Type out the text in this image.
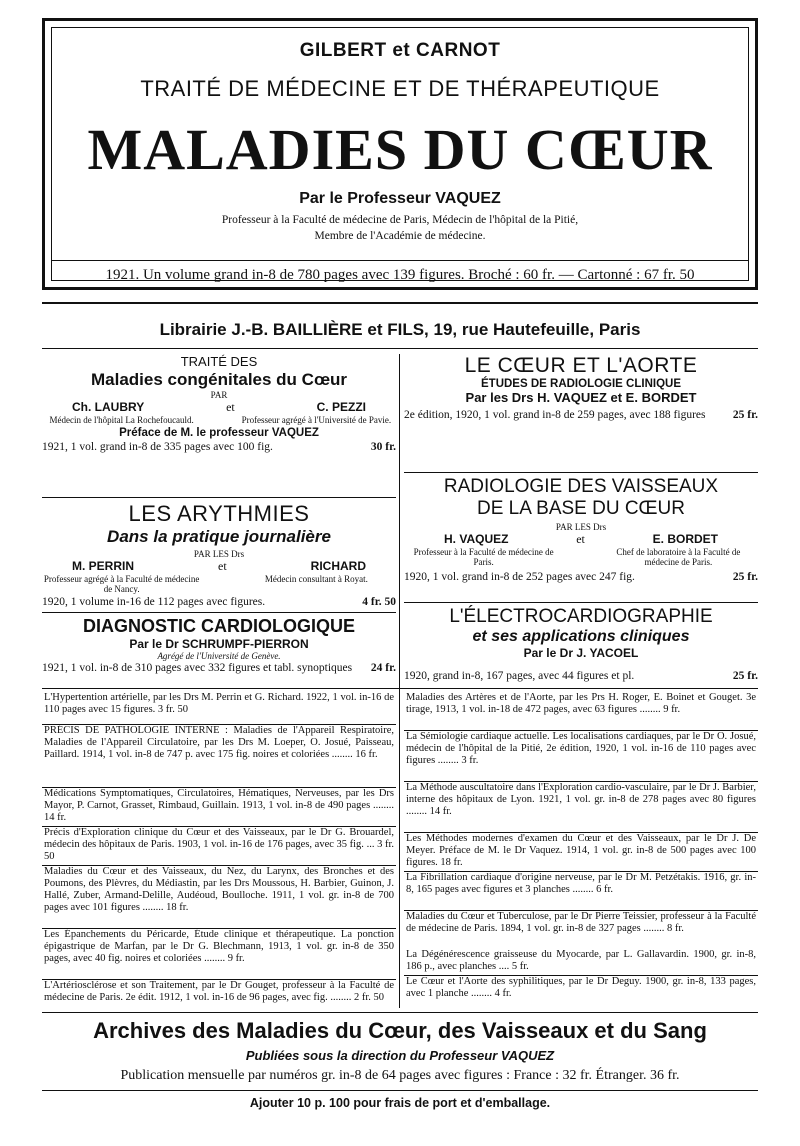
GILBERT et CARNOT
TRAITÉ DE MÉDECINE ET DE THÉRAPEUTIQUE
MALADIES DU CŒUR
Par le Professeur VAQUEZ
Professeur à la Faculté de médecine de Paris, Médecin de l'hôpital de la Pitié,
Membre de l'Académie de médecine.
1921. Un volume grand in-8 de 780 pages avec 139 figures. Broché : 60 fr. — Cartonné : 67 fr. 50
Librairie J.-B. BAILLIÈRE et FILS, 19, rue Hautefeuille, Paris
TRAITÉ DES
Maladies congénitales du Cœur
PAR
Ch. LAUBRY	et	C. PEZZI
Médecin de l'hôpital La Rochefoucauld.	Professeur agrégé à l'Université de Pavie.
Préface de M. le professeur VAQUEZ
1921, 1 vol. grand in-8 de 335 pages avec 100 fig.	30 fr.
LES ARYTHMIES
Dans la pratique journalière
PAR LES Drs
M. PERRIN	et	RICHARD
Professeur agrégé à la Faculté de médecine de Nancy.
Médecin consultant à Royat.
1920, 1 volume in-16 de 112 pages avec figures.	4 fr. 50
DIAGNOSTIC CARDIOLOGIQUE
Par le Dr SCHRUMPF-PIERRON
Agrégé de l'Université de Genève.
1921, 1 vol. in-8 de 310 pages avec 332 figures et tabl. synoptiques 24 fr.
LE CŒUR ET L'AORTE
ÉTUDES DE RADIOLOGIE CLINIQUE
Par les Drs H. VAQUEZ et E. BORDET
2e édition, 1920, 1 vol. grand in-8 de 259 pages, avec 188 figures 25 fr.
RADIOLOGIE DES VAISSEAUX
DE LA BASE DU CŒUR
PAR LES Drs
H. VAQUEZ	et	E. BORDET
Professeur à la Faculté de médecine de Paris.
Chef de laboratoire à la Faculté de médecine de Paris.
1920, 1 vol. grand in-8 de 252 pages avec 247 fig.	25 fr.
L'ÉLECTROCARDIOGRAPHIE
et ses applications cliniques
Par le Dr J. YACOEL
1920, grand in-8, 167 pages, avec 44 figures et pl.	25 fr.
L'Hypertention artérielle, par les Drs M. Perrin et G. Richard. 1922, 1 vol. in-16 de 110 pages avec 15 figures. 3 fr. 50
PRÉCIS DE PATHOLOGIE INTERNE : Maladies de l'Appareil Respiratoire, Maladies de l'Appareil Circulatoire, par les Drs M. Loeper, O. Josué, Paisseau, Paillard. 1914, 1 vol. in-8 de 747 p. avec 175 fig. noires et coloriées ........ 16 fr.
Médications Symptomatiques, Circulatoires, Hématiques, Nerveuses, par les Drs Mayor, P. Carnot, Grasset, Rimbaud, Guillain. 1913, 1 vol. in-8 de 490 pages ........ 14 fr.
Précis d'Exploration clinique du Cœur et des Vaisseaux, par le Dr G. Brouardel, médecin des hôpitaux de Paris. 1903, 1 vol. in-16 de 176 pages, avec 35 fig. ... 3 fr. 50
Maladies du Cœur et des Vaisseaux, du Nez, du Larynx, des Bronches et des Poumons, des Plèvres, du Médiastin, par les Drs Moussous, H. Barbier, Guinon, J. Hallé, Zuber, Armand-Delille, Audéoud, Boulloche. 1911, 1 vol. gr. in-8 de 700 pages avec 101 figures ........ 18 fr.
Les Épanchements du Péricarde, Étude clinique et thérapeutique. La ponction épigastrique de Marfan, par le Dr G. Blechmann, 1913, 1 vol. gr. in-8 de 350 pages, avec 40 fig. noires et coloriées ........ 9 fr.
L'Artériosclérose et son Traitement, par le Dr Gouget, professeur à la Faculté de médecine de Paris. 2e édit. 1912, 1 vol. in-16 de 96 pages, avec fig. ........ 2 fr. 50
Maladies des Artères et de l'Aorte, par les Prs H. Roger, E. Boinet et Gouget. 3e tirage, 1913, 1 vol. in-18 de 472 pages, avec 63 figures ........ 9 fr.
La Sémiologie cardiaque actuelle. Les localisations cardiaques, par le Dr O. Josué, médecin de l'hôpital de la Pitié, 2e édition, 1920, 1 vol. in-16 de 110 pages avec figures ........ 3 fr.
La Méthode auscultatoire dans l'Exploration cardio-vasculaire, par le Dr J. Barbier, interne des hôpitaux de Lyon. 1921, 1 vol. gr. in-8 de 278 pages avec 80 figures ........ 14 fr.
Les Méthodes modernes d'examen du Cœur et des Vaisseaux, par le Dr J. De Meyer. Préface de M. le Dr Vaquez. 1914, 1 vol. gr. in-8 de 500 pages avec 100 figures. 18 fr.
La Fibrillation cardiaque d'origine nerveuse, par le Dr M. Petzétakis. 1916, gr. in-8, 165 pages avec figures et 3 planches ........ 6 fr.
Maladies du Cœur et Tuberculose, par le Dr Pierre Teissier, professeur à la Faculté de médecine de Paris. 1894, 1 vol. gr. in-8 de 327 pages ........ 8 fr.
La Dégénérescence graisseuse du Myocarde, par L. Gallavardin. 1900, gr. in-8, 186 p., avec planches .... 5 fr.
Le Cœur et l'Aorte des syphilitiques, par le Dr Deguy. 1900, gr. in-8, 133 pages, avec 1 planche ........ 4 fr.
Archives des Maladies du Cœur, des Vaisseaux et du Sang
Publiées sous la direction du Professeur VAQUEZ
Publication mensuelle par numéros gr. in-8 de 64 pages avec figures : France : 32 fr. Étranger. 36 fr.
Ajouter 10 p. 100 pour frais de port et d'emballage.
